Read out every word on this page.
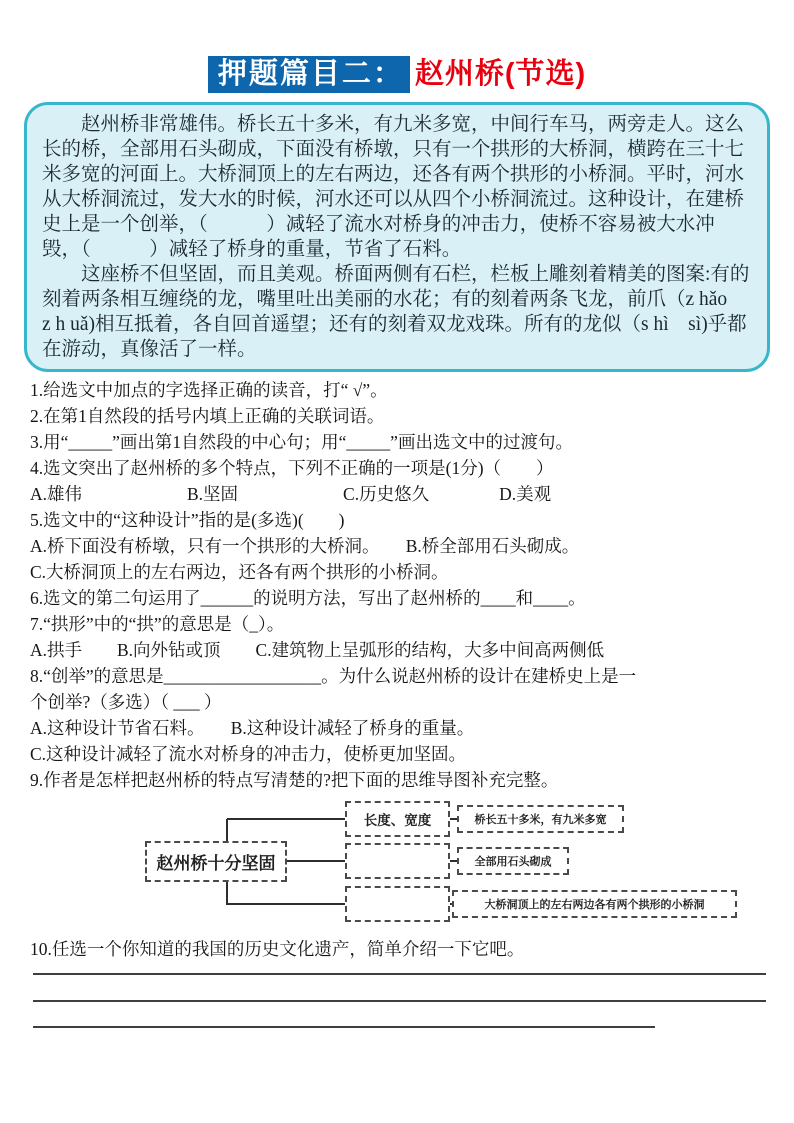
押题篇目二： 赵州桥(节选)

赵州桥非常雄伟。桥长五十多米，有九米多宽，中间行车马，两旁走人。这么长的桥，全部用石头砌成，下面没有桥墩，只有一个拱形的大桥洞，横跨在三十七米多宽的河面上。大桥洞顶上的左右两边，还各有两个拱形的小桥洞。平时，河水从大桥洞流过，发大水的时候，河水还可以从四个小桥洞流过。这种设计，在建桥史上是一个创举，（　　　）减轻了流水对桥身的冲击力，使桥不容易被大水冲毁，（　　　）减轻了桥身的重量，节省了石料。

这座桥不但坚固，而且美观。桥面两侧有石栏，栏板上雕刻着精美的图案:有的刻着两条相互缠绕的龙，嘴里吐出美丽的水花；有的刻着两条飞龙，前爪（z hǎo　　z h uǎ)相互抵着，各自回首遥望；还有的刻着双龙戏珠。所有的龙似（s hì　sì)乎都在游动，真像活了一样。

1.给选文中加点的字选择正确的读音，打“ √”。
2.在第1自然段的括号内填上正确的关联词语。
3.用“_____”画出第1自然段的中心句；用“_____”画出选文中的过渡句。
4.选文突出了赵州桥的多个特点，下列不正确的一项是(1分)（　　）
A.雄伟　　　　　　B.坚固　　　　　　C.历史悠久　　　　D.美观
5.选文中的“这种设计”指的是(多选)(　　)
A.桥下面没有桥墩，只有一个拱形的大桥洞。　　B.桥全部用石头砌成。
C.大桥洞顶上的左右两边，还各有两个拱形的小桥洞。
6.选文的第二句运用了______的说明方法，写出了赵州桥的____和____。
7.“拱形”中的“拱”的意思是（_）。
A.拱手　　B.向外钻或顶　　C.建筑物上呈弧形的结构，大多中间高两侧低
8.“创举”的意思是__________________。为什么说赵州桥的设计在建桥史上是一
个创举?（多选）（ ___ ）
A.这种设计节省石料。　　B.这种设计减轻了桥身的重量。
C.这种设计减轻了流水对桥身的冲击力，使桥更加坚固。
9.作者是怎样把赵州桥的特点写清楚的?把下面的思维导图补充完整。
赵州桥十分坚固
长度、宽度	桥长五十多米，有九米多宽
全部用石头砌成
大桥洞顶上的左右两边各有两个拱形的小桥洞
10.任选一个你知道的我国的历史文化遗产，简单介绍一下它吧。
